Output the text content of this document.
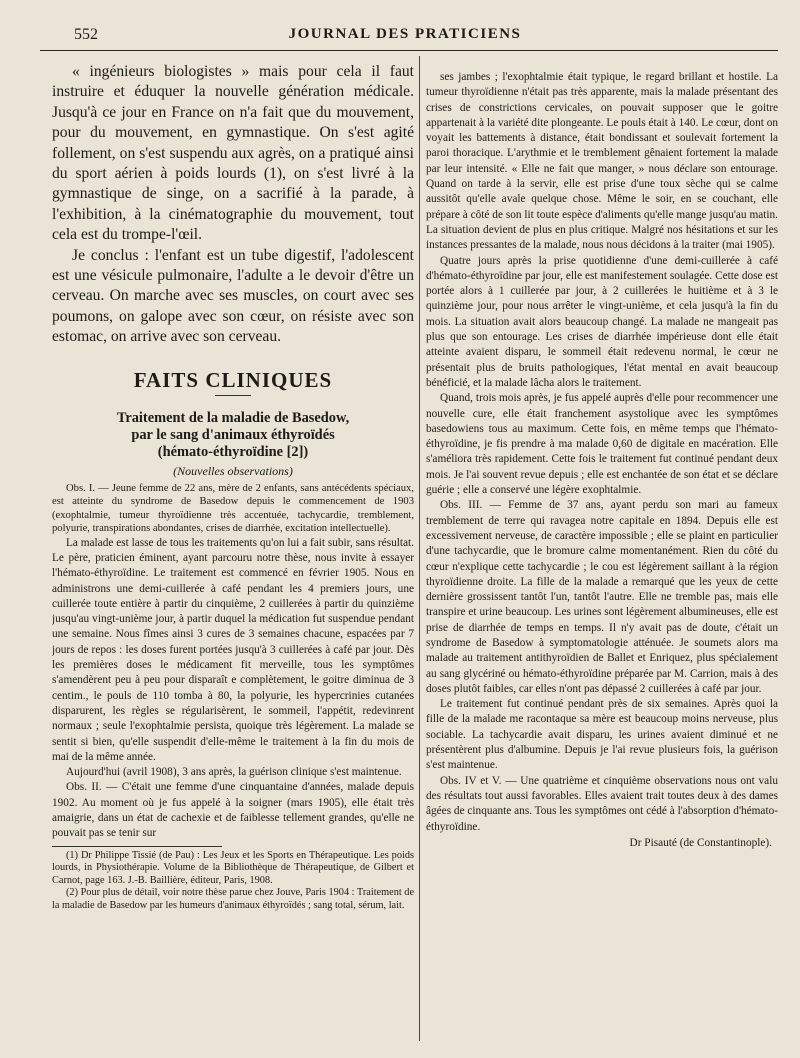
552	JOURNAL DES PRATICIENS

« ingénieurs biologistes » mais pour cela il faut instruire et éduquer la nouvelle génération médicale. Jusqu'à ce jour en France on n'a fait que du mouvement, pour du mouvement, en gymnastique. On s'est agité follement, on s'est suspendu aux agrès, on a pratiqué ainsi du sport aérien à poids lourds (1), on s'est livré à la gymnastique de singe, on a sacrifié à la parade, à l'exhibition, à la cinématographie du mouvement, tout cela est du trompe-l'œil.

Je conclus : l'enfant est un tube digestif, l'adolescent est une vésicule pulmonaire, l'adulte a le devoir d'être un cerveau. On marche avec ses muscles, on court avec ses poumons, on galope avec son cœur, on résiste avec son estomac, on arrive avec son cerveau.

FAITS CLINIQUES
Traitement de la maladie de Basedow,
par le sang d'animaux éthyroïdés
(hémato-éthyroïdine [2])
(Nouvelles observations)

Obs. I. — Jeune femme de 22 ans, mère de 2 enfants, sans antécédents spéciaux, est atteinte du syndrome de Basedow depuis le commencement de 1903 (exophtalmie, tumeur thyroïdienne très accentuée, tachycardie, tremblement, polyurie, transpirations abondantes, crises de diarrhée, excitation intellectuelle).

La malade est lasse de tous les traitements qu'on lui a fait subir, sans résultat. Le père, praticien éminent, ayant parcouru notre thèse, nous invite à essayer l'hémato-éthyroïdine. Le traitement est commencé en février 1905. Nous en administrons une demi-cuillerée à café pendant les 4 premiers jours, une cuillerée toute entière à partir du cinquième, 2 cuillerées à partir du quinzième jusqu'au vingt-unième jour, à partir duquel la médication fut suspendue pendant une semaine. Nous fîmes ainsi 3 cures de 3 semaines chacune, espacées par 7 jours de repos : les doses furent portées jusqu'à 3 cuillerées à café par jour. Dès les premières doses le médicament fit merveille, tous les symptômes s'amendèrent peu à peu pour disparaît e complètement, le goitre diminua de 3 centim., le pouls de 110 tomba à 80, la polyurie, les hypercrinies cutanées disparurent, les règles se régularisèrent, le sommeil, l'appétit, redevinrent normaux ; seule l'exophtalmie persista, quoique très légèrement. La malade se sentit si bien, qu'elle suspendit d'elle-même le traitement à la fin du mois de mai de la même année.

Aujourd'hui (avril 1908), 3 ans après, la guérison clinique s'est maintenue.

Obs. II. — C'était une femme d'une cinquantaine d'années, malade depuis 1902. Au moment où je fus appelé à la soigner (mars 1905), elle était très amaigrie, dans un état de cachexie et de faiblesse tellement grandes, qu'elle ne pouvait pas se tenir sur

(1) Dr Philippe Tissié (de Pau) : Les Jeux et les Sports en Thérapeutique. Les poids lourds, in Physiothérapie. Volume de la Bibliothèque de Thérapeutique, de Gilbert et Carnot, page 163. J.-B. Baillière, éditeur, Paris, 1908.

(2) Pour plus de détail, voir notre thèse parue chez Jouve, Paris 1904 : Traitement de la maladie de Basedow par les humeurs d'animaux éthyroïdés ; sang total, sérum, lait.

ses jambes ; l'exophtalmie était typique, le regard brillant et hostile. La tumeur thyroïdienne n'était pas très apparente, mais la malade présentant des crises de constrictions cervicales, on pouvait supposer que le goitre appartenait à la variété dite plongeante. Le pouls était à 140. Le cœur, dont on voyait les battements à distance, était bondissant et soulevait fortement la paroi thoracique. L'arythmie et le tremblement gênaient fortement la malade par leur intensité. « Elle ne fait que manger, » nous déclare son entourage. Quand on tarde à la servir, elle est prise d'une toux sèche qui se calme aussitôt qu'elle avale quelque chose. Même le soir, en se couchant, elle prépare à côté de son lit toute espèce d'aliments qu'elle mange jusqu'au matin. La situation devient de plus en plus critique. Malgré nos hésitations et sur les instances pressantes de la malade, nous nous décidons à la traiter (mai 1905).

Quatre jours après la prise quotidienne d'une demi-cuillerée à café d'hémato-éthyroïdine par jour, elle est manifestement soulagée. Cette dose est portée alors à 1 cuillerée par jour, à 2 cuillerées le huitième et à 3 le quinzième jour, pour nous arrêter le vingt-unième, et cela jusqu'à la fin du mois. La situation avait alors beaucoup changé. La malade ne mangeait pas plus que son entourage. Les crises de diarrhée impérieuse dont elle était atteinte avaient disparu, le sommeil était redevenu normal, le cœur ne présentait plus de bruits pathologiques, l'état mental en avait beaucoup bénéficié, et la malade lâcha alors le traitement.

Quand, trois mois après, je fus appelé auprès d'elle pour recommencer une nouvelle cure, elle était franchement asystolique avec les symptômes basedowiens tous au maximum. Cette fois, en même temps que l'hémato-éthyroïdine, je fis prendre à ma malade 0,60 de digitale en macération. Elle s'améliora très rapidement. Cette fois le traitement fut continué pendant deux mois. Je l'ai souvent revue depuis ; elle est enchantée de son état et se déclare guérie ; elle a conservé une légère exophtalmie.

Obs. III. — Femme de 37 ans, ayant perdu son mari au fameux tremblement de terre qui ravagea notre capitale en 1894. Depuis elle est excessivement nerveuse, de caractère impossible ; elle se plaint en particulier d'une tachycardie, que le bromure calme momentanément. Rien du côté du cœur n'explique cette tachycardie ; le cou est légèrement saillant à la région thyroïdienne droite. La fille de la malade a remarqué que les yeux de cette dernière grossissent tantôt l'un, tantôt l'autre. Elle ne tremble pas, mais elle transpire et urine beaucoup. Les urines sont légèrement albumineuses, elle est prise de diarrhée de temps en temps. Il n'y avait pas de doute, c'était un syndrome de Basedow à symptomatologie atténuée. Je soumets alors ma malade au traitement antithyroïdien de Ballet et Enriquez, plus spécialement au sang glycériné ou hémato-éthyroïdine préparée par M. Carrion, mais à des doses plutôt faibles, car elles n'ont pas dépassé 2 cuillerées à café par jour.

Le traitement fut continué pendant près de six semaines. Après quoi la fille de la malade me racontaque sa mère est beaucoup moins nerveuse, plus sociable. La tachycardie avait disparu, les urines avaient diminué et ne présentèrent plus d'albumine. Depuis je l'ai revue plusieurs fois, la guérison s'est maintenue.

Obs. IV et V. — Une quatrième et cinquième observations nous ont valu des résultats tout aussi favorables. Elles avaient trait toutes deux à des dames âgées de cinquante ans. Tous les symptômes ont cédé à l'absorption d'hémato-éthyroïdine.

Dr Pisauté (de Constantinople).
